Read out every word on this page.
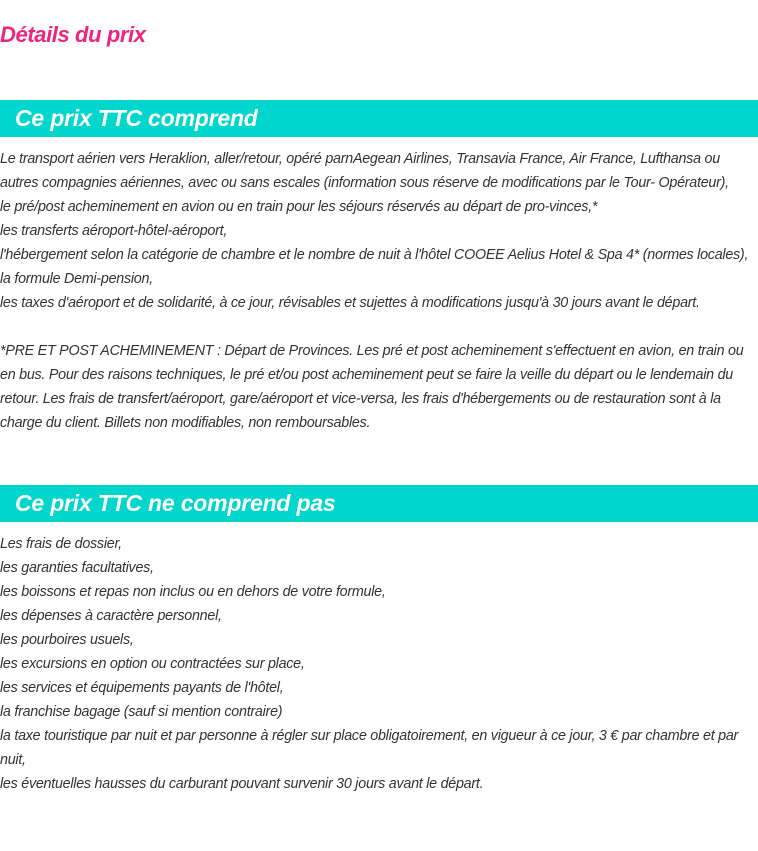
Détails du prix
Ce prix TTC comprend
Le transport aérien vers Heraklion, aller/retour, opéré parnAegean Airlines, Transavia France, Air France, Lufthansa ou autres compagnies aériennes, avec ou sans escales (information sous réserve de modifications par le Tour- Opérateur),
le pré/post acheminement en avion ou en train pour les séjours réservés au départ de pro-vinces,*
les transferts aéroport-hôtel-aéroport,
l'hébergement selon la catégorie de chambre et le nombre de nuit à l'hôtel COOEE Aelius Hotel & Spa 4* (normes locales),
la formule Demi-pension,
les taxes d'aéroport et de solidarité, à ce jour, révisables et sujettes à modifications jusqu'à 30 jours avant le départ.
*PRE ET POST ACHEMINEMENT : Départ de Provinces. Les pré et post acheminement s'effectuent en avion, en train ou en bus. Pour des raisons techniques, le pré et/ou post acheminement peut se faire la veille du départ ou le lendemain du retour. Les frais de transfert/aéroport, gare/aéroport et vice-versa, les frais d'hébergements ou de restauration sont à la charge du client. Billets non modifiables, non remboursables.
Ce prix TTC ne comprend pas
Les frais de dossier,
les garanties facultatives,
les boissons et repas non inclus ou en dehors de votre formule,
les dépenses à caractère personnel,
les pourboires usuels,
les excursions en option ou contractées sur place,
les services et équipements payants de l'hôtel,
la franchise bagage (sauf si mention contraire)
la taxe touristique par nuit et par personne à régler sur place obligatoirement, en vigueur à ce jour, 3 € par chambre et par nuit,
les éventuelles hausses du carburant pouvant survenir 30 jours avant le départ.
